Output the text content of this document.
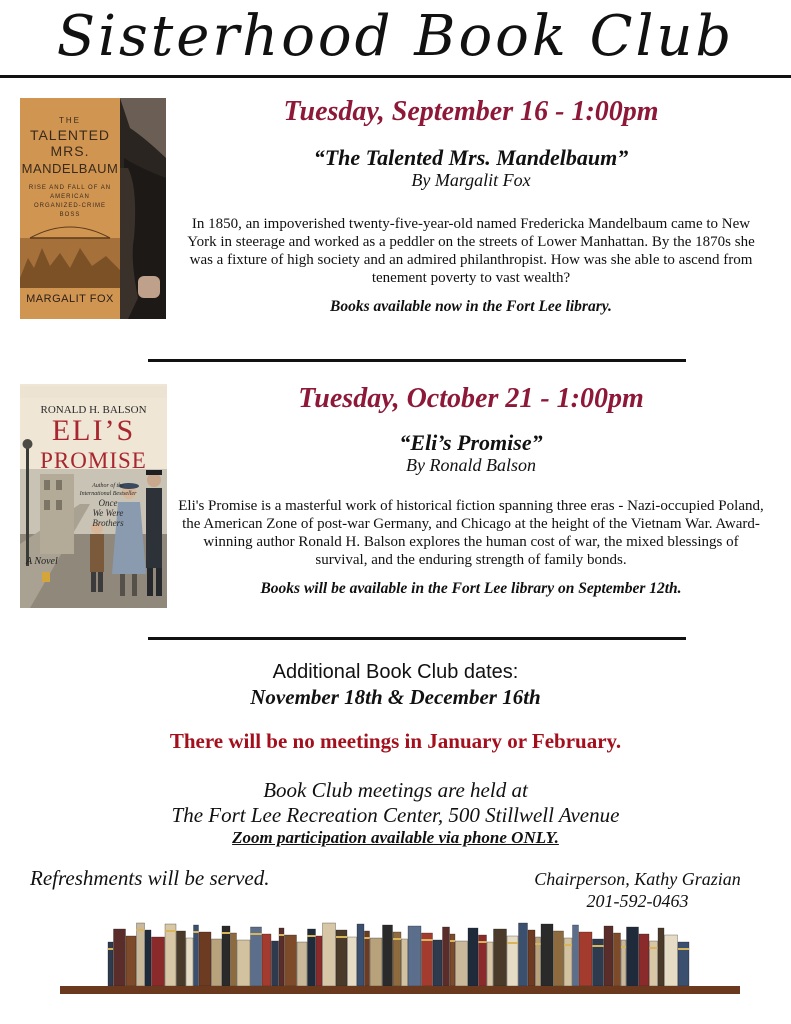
Sisterhood Book Club
THE
TALENTED
MRS.
MANDELBAUM
RISE AND FALL OF AN AMERICAN ORGANIZED-CRIME BOSS
MARGALIT FOX
Tuesday, September 16 - 1:00pm
“The Talented Mrs. Mandelbaum”
By Margalit Fox
In 1850, an impoverished twenty-five-year-old named Fredericka Mandelbaum came to New York in steerage and worked as a peddler on the streets of Lower Manhattan. By the 1870s she was a fixture of high society and an admired philanthropist. How was she able to ascend from tenement poverty to vast wealth?
Books available now in the Fort Lee library.
RONALD H. BALSON
ELI’S
PROMISE
Author of the
International Bestseller
Once
We Were
Brothers
A Novel
Tuesday, October 21 - 1:00pm
“Eli’s Promise”
By Ronald Balson
Eli's Promise is a masterful work of historical fiction spanning three eras - Nazi-occupied Poland, the American Zone of post-war Germany, and Chicago at the height of the Vietnam War. Award-winning author Ronald H. Balson explores the human cost of war, the mixed blessings of survival, and the enduring strength of family bonds.
Books will be available in the Fort Lee library on September 12th.
Additional Book Club dates:
November 18th & December 16th
There will be no meetings in January or February.
Book Club meetings are held at
The Fort Lee Recreation Center, 500 Stillwell Avenue
Zoom participation available via phone ONLY.
Refreshments will be served.	Chairperson, Kathy Grazian
201-592-0463
